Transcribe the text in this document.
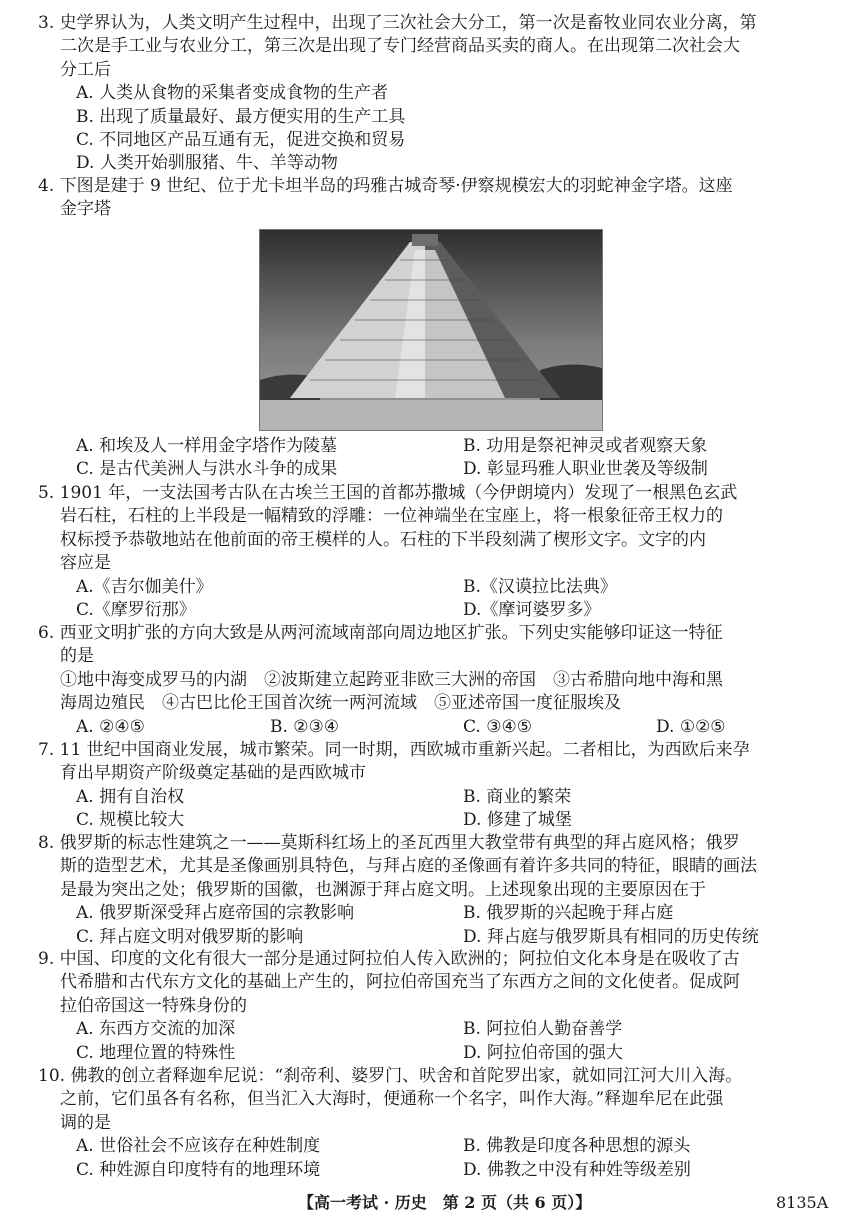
3. 史学界认为，人类文明产生过程中，出现了三次社会大分工，第一次是畜牧业同农业分离，第
二次是手工业与农业分工，第三次是出现了专门经营商品买卖的商人。在出现第二次社会大
分工后
A. 人类从食物的采集者变成食物的生产者
B. 出现了质量最好、最方便实用的生产工具
C. 不同地区产品互通有无，促进交换和贸易
D. 人类开始驯服猪、牛、羊等动物
4. 下图是建于 9 世纪、位于尤卡坦半岛的玛雅古城奇琴·伊察规模宏大的羽蛇神金字塔。这座
金字塔
A. 和埃及人一样用金字塔作为陵墓	B. 功用是祭祀神灵或者观察天象
C. 是古代美洲人与洪水斗争的成果	D. 彰显玛雅人职业世袭及等级制
5. 1901 年，一支法国考古队在古埃兰王国的首都苏撒城（今伊朗境内）发现了一根黑色玄武
岩石柱，石柱的上半段是一幅精致的浮雕：一位神端坐在宝座上，将一根象征帝王权力的
权标授予恭敬地站在他前面的帝王模样的人。石柱的下半段刻满了楔形文字。文字的内
容应是
A.《吉尔伽美什》	B.《汉谟拉比法典》
C.《摩罗衍那》	D.《摩诃婆罗多》
6. 西亚文明扩张的方向大致是从两河流域南部向周边地区扩张。下列史实能够印证这一特征
的是
①地中海变成罗马的内湖　②波斯建立起跨亚非欧三大洲的帝国　③古希腊向地中海和黑
海周边殖民　④古巴比伦王国首次统一两河流域　⑤亚述帝国一度征服埃及
A. ②④⑤	B. ②③④	C. ③④⑤	D. ①②⑤
7. 11 世纪中国商业发展，城市繁荣。同一时期，西欧城市重新兴起。二者相比，为西欧后来孕
育出早期资产阶级奠定基础的是西欧城市
A. 拥有自治权	B. 商业的繁荣
C. 规模比较大	D. 修建了城堡
8. 俄罗斯的标志性建筑之一——莫斯科红场上的圣瓦西里大教堂带有典型的拜占庭风格；俄罗
斯的造型艺术，尤其是圣像画别具特色，与拜占庭的圣像画有着许多共同的特征，眼睛的画法
是最为突出之处；俄罗斯的国徽，也渊源于拜占庭文明。上述现象出现的主要原因在于
A. 俄罗斯深受拜占庭帝国的宗教影响	B. 俄罗斯的兴起晚于拜占庭
C. 拜占庭文明对俄罗斯的影响	D. 拜占庭与俄罗斯具有相同的历史传统
9. 中国、印度的文化有很大一部分是通过阿拉伯人传入欧洲的；阿拉伯文化本身是在吸收了古
代希腊和古代东方文化的基础上产生的，阿拉伯帝国充当了东西方之间的文化使者。促成阿
拉伯帝国这一特殊身份的
A. 东西方交流的加深	B. 阿拉伯人勤奋善学
C. 地理位置的特殊性	D. 阿拉伯帝国的强大
10. 佛教的创立者释迦牟尼说：“刹帝利、婆罗门、吠舍和首陀罗出家，就如同江河大川入海。
之前，它们虽各有名称，但当汇入大海时，便通称一个名字，叫作大海。”释迦牟尼在此强
调的是
A. 世俗社会不应该存在种姓制度	B. 佛教是印度各种思想的源头
C. 种姓源自印度特有的地理环境	D. 佛教之中没有种姓等级差别
【高一考试 · 历史　第 2 页（共 6 页）】	8135A
